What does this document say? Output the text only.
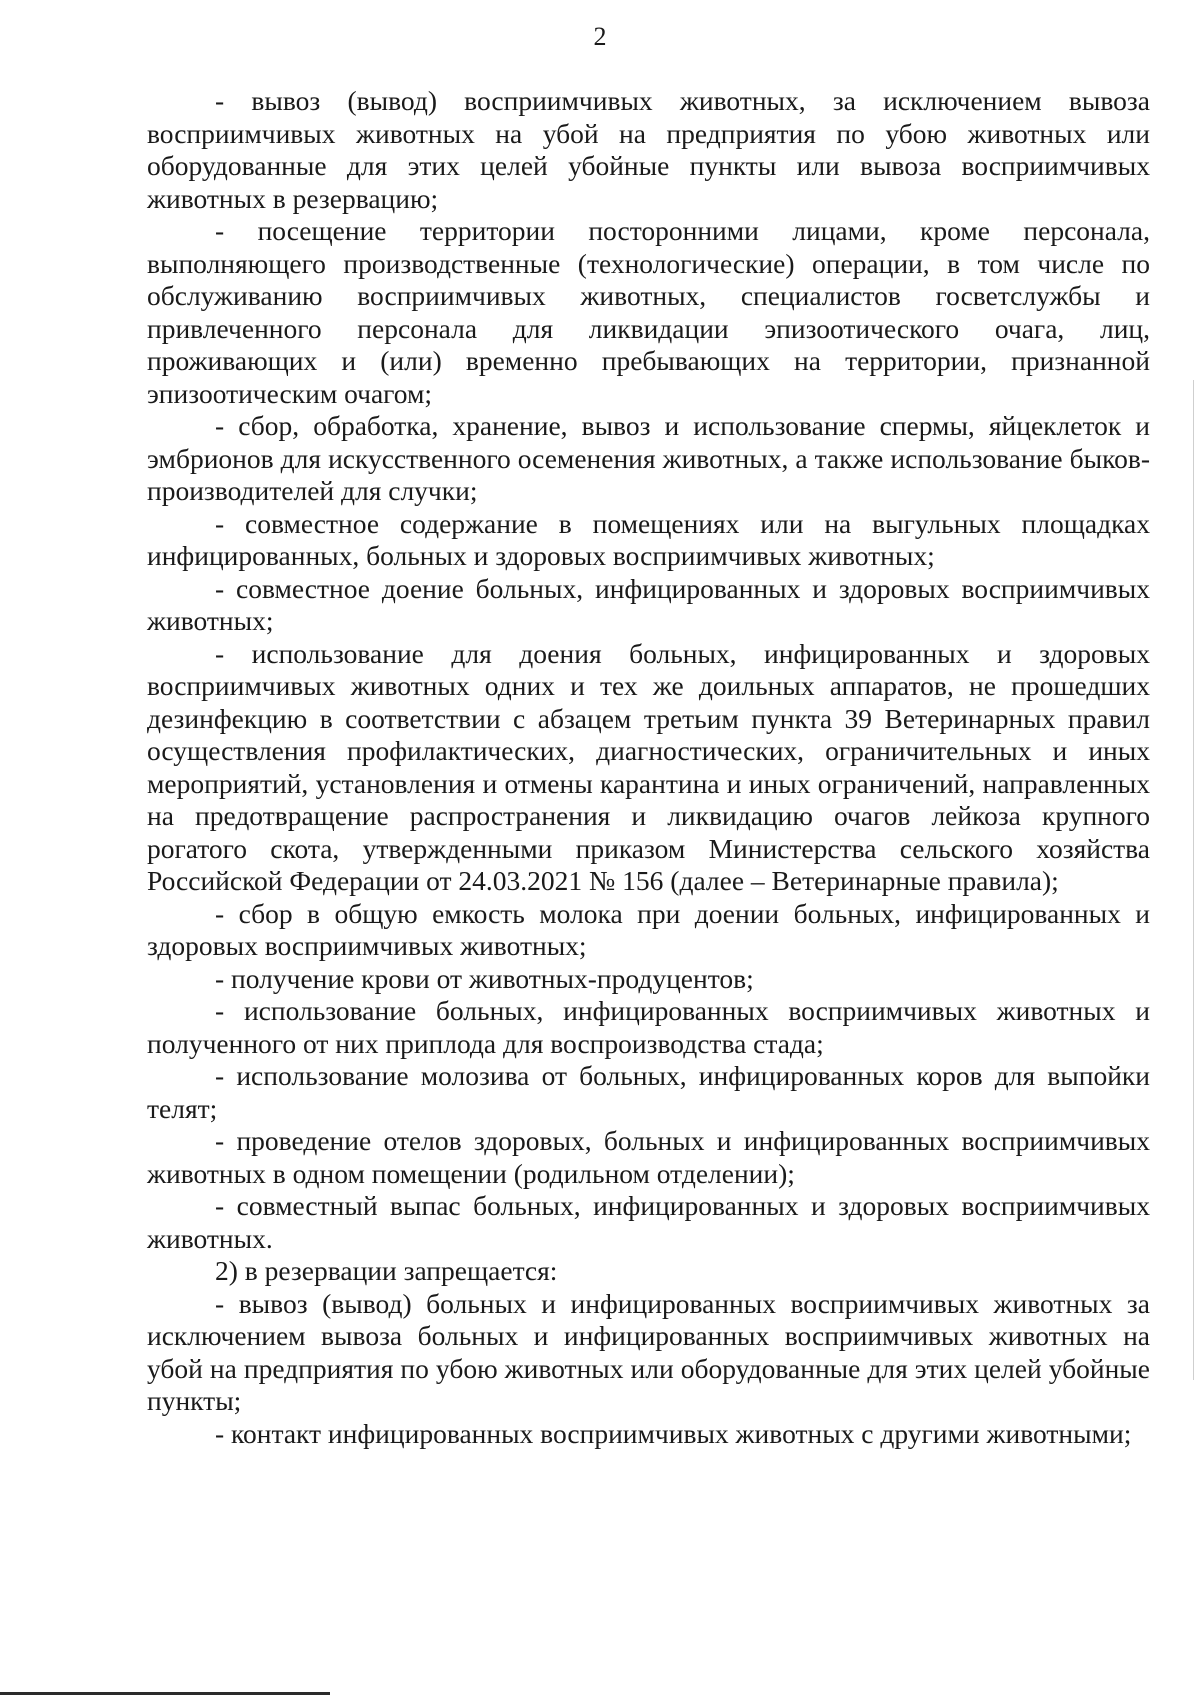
2

- вывоз (вывод) восприимчивых животных, за исключением вывоза восприимчивых животных на убой на предприятия по убою животных или оборудованные для этих целей убойные пункты или вывоза восприимчивых животных в резервацию;

- посещение территории посторонними лицами, кроме персонала, выполняющего производственные (технологические) операции, в том числе по обслуживанию восприимчивых животных, специалистов госветслужбы и привлеченного персонала для ликвидации эпизоотического очага, лиц, проживающих и (или) временно пребывающих на территории, признанной эпизоотическим очагом;

- сбор, обработка, хранение, вывоз и использование спермы, яйцеклеток и эмбрионов для искусственного осеменения животных, а также использование быков-производителей для случки;

- совместное содержание в помещениях или на выгульных площадках инфицированных, больных и здоровых восприимчивых животных;

- совместное доение больных, инфицированных и здоровых восприимчивых животных;

- использование для доения больных, инфицированных и здоровых восприимчивых животных одних и тех же доильных аппаратов, не прошедших дезинфекцию в соответствии с абзацем третьим пункта 39 Ветеринарных правил осуществления профилактических, диагностических, ограничительных и иных мероприятий, установления и отмены карантина и иных ограничений, направленных на предотвращение распространения и ликвидацию очагов лейкоза крупного рогатого скота, утвержденными приказом Министерства сельского хозяйства Российской Федерации от 24.03.2021 № 156 (далее – Ветеринарные правила);

- сбор в общую емкость молока при доении больных, инфицированных и здоровых восприимчивых животных;

- получение крови от животных-продуцентов;

- использование больных, инфицированных восприимчивых животных и полученного от них приплода для воспроизводства стада;

- использование молозива от больных, инфицированных коров для выпойки телят;

- проведение отелов здоровых, больных и инфицированных восприимчивых животных в одном помещении (родильном отделении);

- совместный выпас больных, инфицированных и здоровых восприимчивых животных.

2) в резервации запрещается:

- вывоз (вывод) больных и инфицированных восприимчивых животных за исключением вывоза больных и инфицированных восприимчивых животных на убой на предприятия по убою животных или оборудованные для этих целей убойные пункты;

- контакт инфицированных восприимчивых животных с другими животными;
